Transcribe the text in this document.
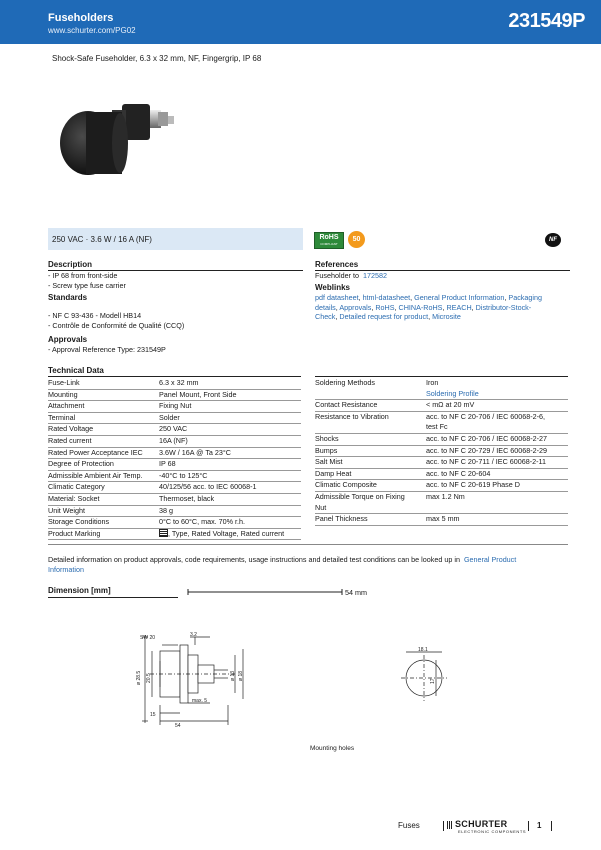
Fuseholders
www.schurter.com/PG02	231549P
Shock-Safe Fuseholder, 6.3 x 32 mm, NF, Fingergrip, IP 68
250 VAC · 3.6 W / 16 A (NF)	RoHS
COMPLIANT
50	NF
Description
- IP 68 from front-side
- Screw type fuse carrier
Standards
- NF C 93-436 - Modell HB14
- Contrôle de Conformité de Qualité (CCQ)
Approvals
- Approval Reference Type: 231549P
References
Fuseholder to 172582
Weblinks
pdf datasheet, html-datasheet, General Product Information, Packaging
details, Approvals, RoHS, CHINA-RoHS, REACH, Distributor-Stock-
Check, Detailed request for product, Microsite
Technical Data
Fuse-Link	6.3 x 32 mm
Mounting	Panel Mount, Front Side
Attachment	Fixing Nut
Terminal	Solder
Rated Voltage	250 VAC
Rated current	16A (NF)
Rated Power Acceptance IEC	3.6W / 16A @ Ta 23°C
Degree of Protection	IP 68
Admissible Ambient Air Temp.	-40°C to 125°C
Climatic Category	40/125/56 acc. to IEC 60068-1
Material: Socket	Thermoset, black
Unit Weight	38 g
Storage Conditions	0°C to 60°C, max. 70% r.h.
Product Marking	, Type, Rated Voltage, Rated current
Soldering Methods	Iron
	Soldering Profile
Contact Resistance	< mΩ at 20 mV
Resistance to Vibration	acc. to NF C 20-706 / IEC 60068-2-6,
	test Fc
Shocks	acc. to NF C 20-706 / IEC 60068-2-27
Bumps	acc. to NF C 20-729 / IEC 60068-2-29
Salt Mist	acc. to NF C 20-711 / IEC 60068-2-11
Damp Heat	acc. to NF C 20-604
Climatic Composite	acc. to NF C 20-619 Phase D
Admissible Torque on Fixing	max 1.2 Nm
Nut	
Panel Thickness	max 5 mm
Detailed information on product approvals, code requirements, usage instructions and detailed test conditions can be looked up in General Product
Information
Dimension [mm]	54 mm
SW 20	3.2
ø 28.5 20.5	ø 13 ø 18
max. 5
15
54
18.1
17
Mounting holes
Fuses	SCHURTER
ELECTRONIC COMPONENTS
1
